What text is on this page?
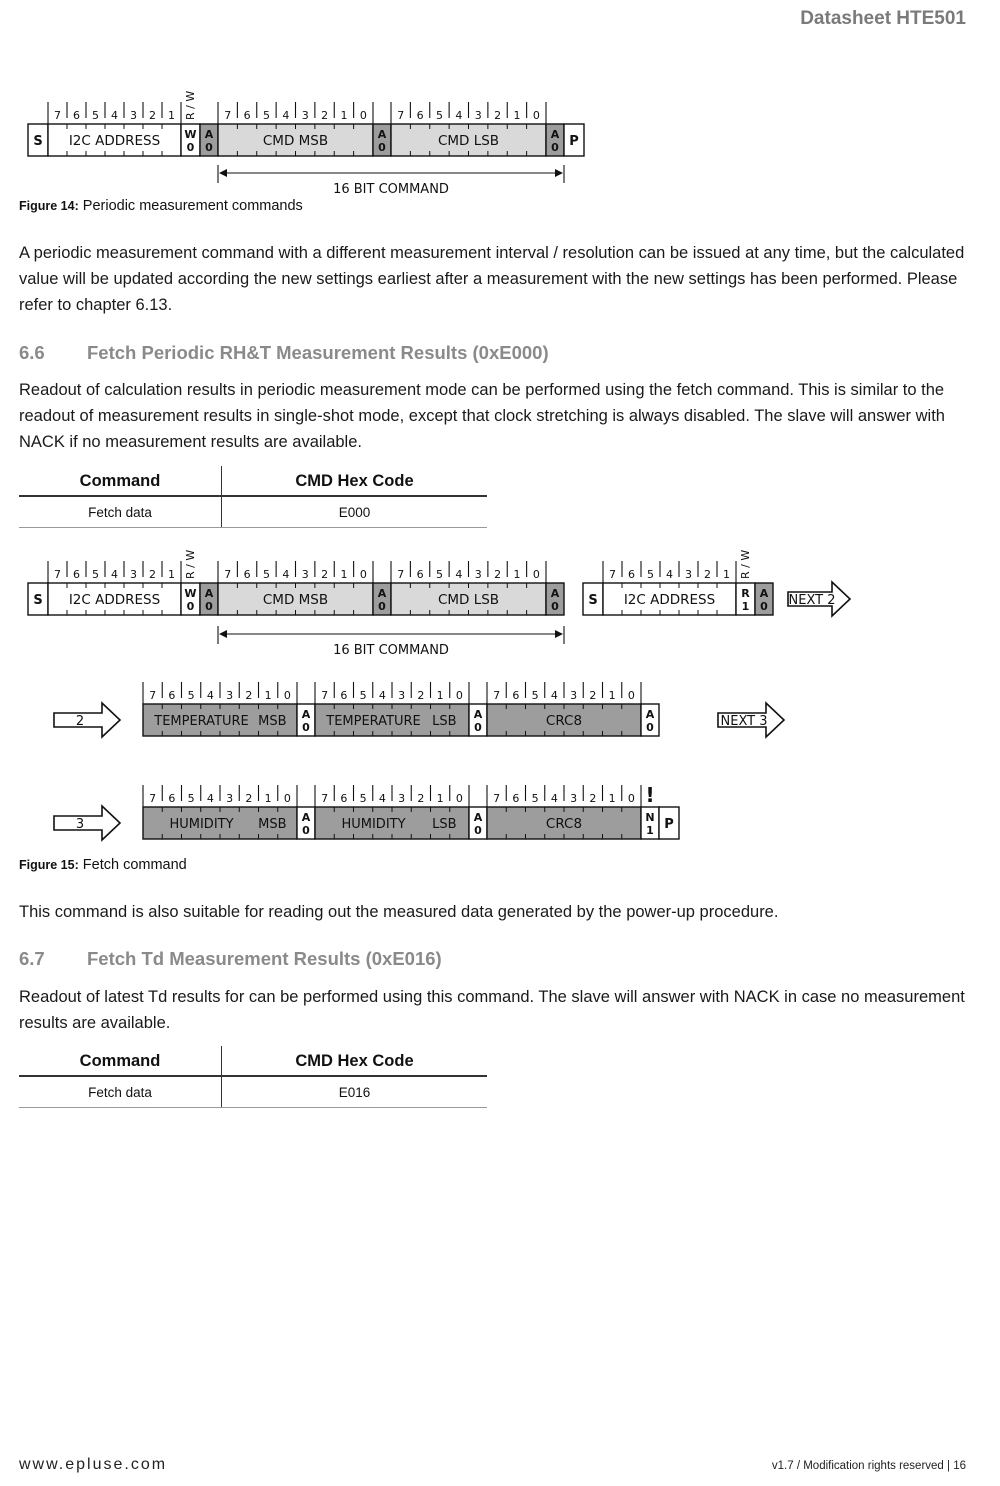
Datasheet HTE501
S
7 6 5 4 3 2 1
I2C ADDRESS W
0
R / W
A
0
7 6 5 4 3 2 1 0
CMD MSB	A
0
7 6 5 4 3 2 1 0
CMD LSB	A
0 P
16 BIT COMMAND
Figure 14: Periodic measurement commands
A periodic measurement command with a different measurement interval / resolution can be issued at any time, but the calculated value will be updated according the new settings earliest after a measurement with the new settings has been performed. Please refer to chapter 6.13.
6.6 Fetch Periodic RH&T Measurement Results (0xE000)
Readout of calculation results in periodic measurement mode can be performed using the fetch command. This is similar to the readout of measurement results in single-shot mode, except that clock stretching is always disabled. The slave will answer with NACK if no measurement results are available.
Command	CMD Hex Code
Fetch data	E000
S
7 6 5 4 3 2 1
I2C ADDRESS W
0
R / W
A
0
7 6 5 4 3 2 1 0
CMD MSB	A
0
7 6 5 4 3 2 1 0
CMD LSB	A
0 S
7 6 5 4 3 2 1
I2C ADDRESS R
1
R / W
A
0 NEXT 2
16 BIT COMMAND
2
7 6 5 4 3 2 1 0
TEMPERATURE MSB A
0
7 6 5 4 3 2 1 0
TEMPERATURE LSB A
0
7 6 5 4 3 2 1 0
CRC8	A
0	NEXT 3
3
7 6 5 4 3 2 1 0
HUMIDITY MSB A
0
7 6 5 4 3 2 1 0
HUMIDITY LSB A
0
7 6 5 4 3 2 1 0
CRC8	N
1
!
P
Figure 15: Fetch command
This command is also suitable for reading out the measured data generated by the power-up procedure.
6.7 Fetch Td Measurement Results (0xE016)
Readout of latest Td results for can be performed using this command. The slave will answer with NACK in case no measurement results are available.
Command	CMD Hex Code
Fetch data	E016
www.epluse.com	v1.7 / Modification rights reserved | 16
